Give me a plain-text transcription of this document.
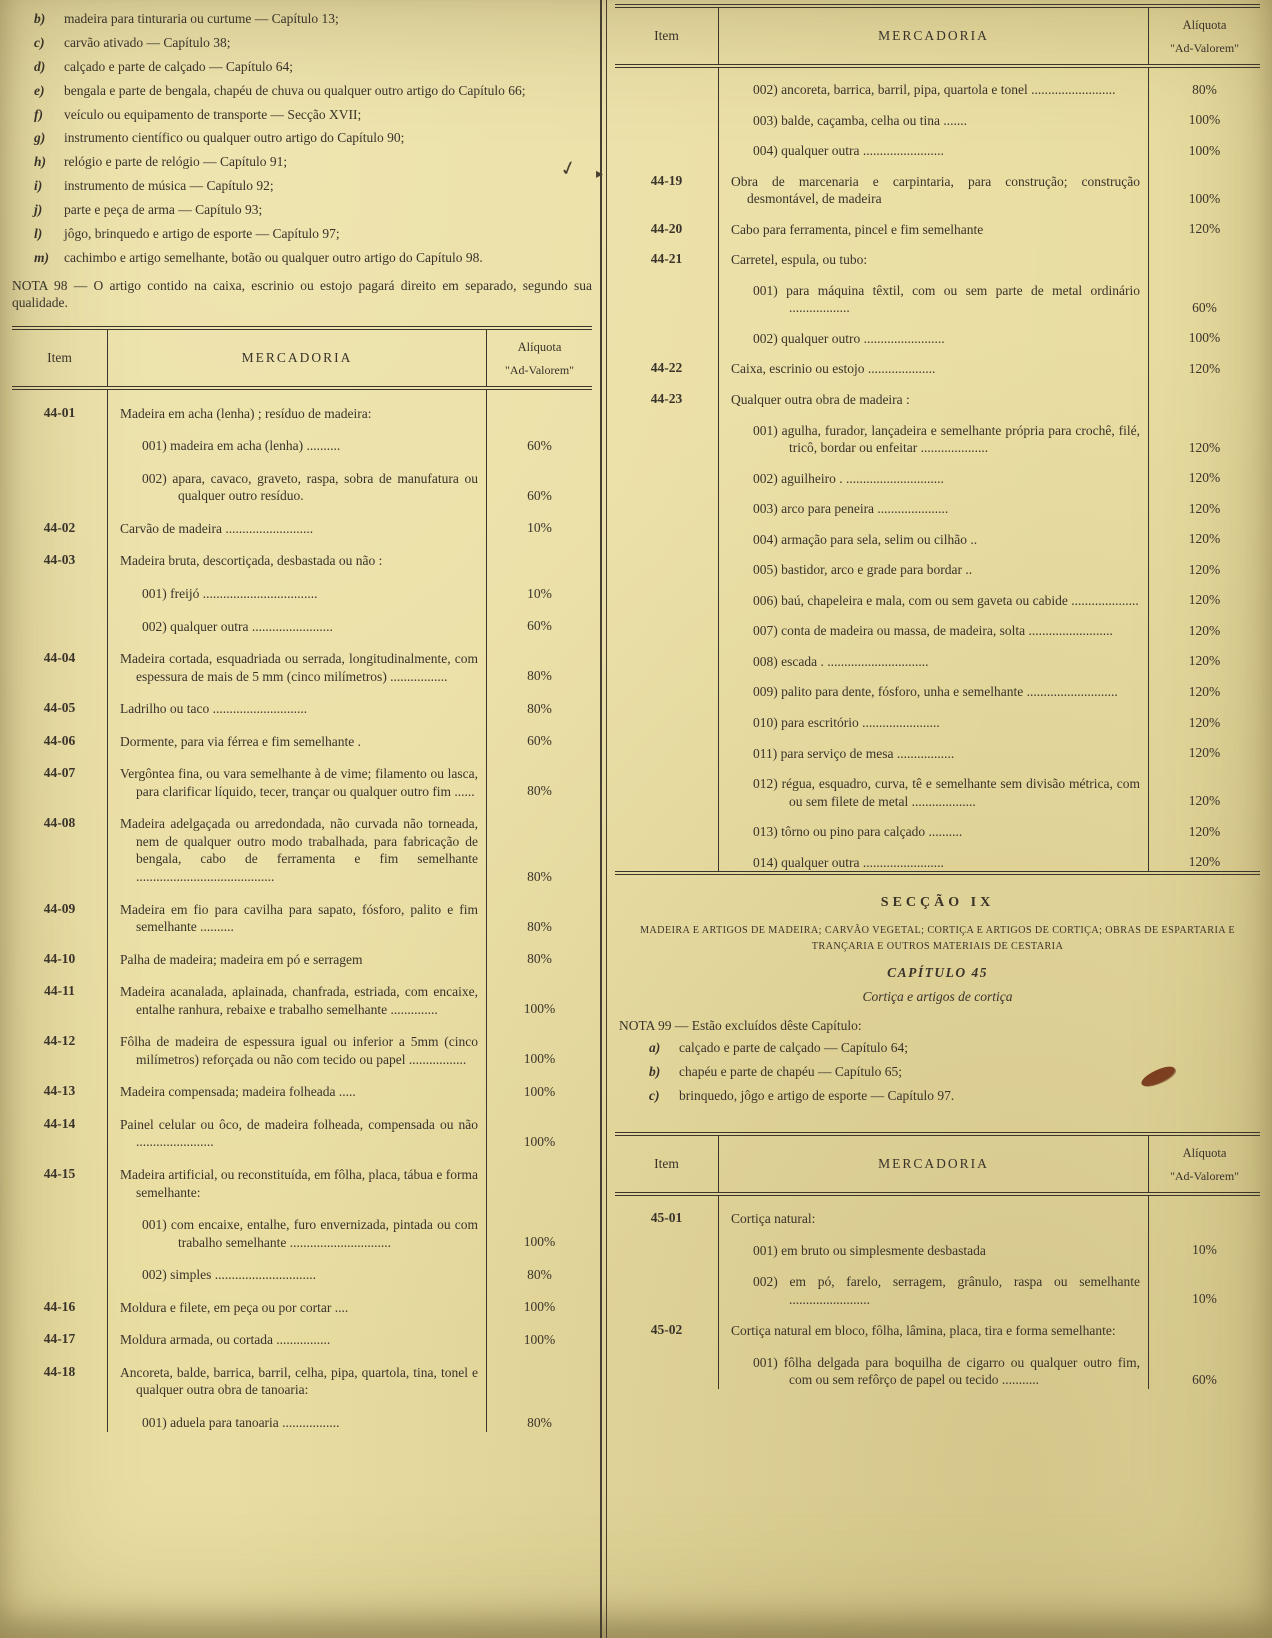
b)	madeira para tinturaria ou curtume — Capítulo 13;
c)	carvão ativado — Capítulo 38;
d)	calçado e parte de calçado — Capítulo 64;
e)	bengala e parte de bengala, chapéu de chuva ou qualquer outro artigo do Capítulo 66;
f)	veículo ou equipamento de transporte — Secção XVII;
g)	instrumento científico ou qualquer outro artigo do Capítulo 90;
h)	relógio e parte de relógio — Capítulo 91;
i)	instrumento de música — Capítulo 92;
j)	parte e peça de arma — Capítulo 93;
l)	jôgo, brinquedo e artigo de esporte — Capítulo 97;
m)	cachimbo e artigo semelhante, botão ou qualquer outro artigo do Capítulo 98.

NOTA 98 — O artigo contido na caixa, escrinio ou estojo pagará direito em separado, segundo sua qualidade.

Item	MERCADORIA
Alíquota
"Ad-Valorem"
44-01	Madeira em acha (lenha) ; resíduo de madeira:
001) madeira em acha (lenha) ..........	60%
002) apara, cavaco, graveto, raspa, sobra de manufatura ou qualquer outro resíduo.	60%
44-02	Carvão de madeira ..........................	10%
44-03	Madeira bruta, descortiçada, desbastada ou não :
001) freijó ..................................	10%
002) qualquer outra ........................	60%
44-04	Madeira cortada, esquadriada ou serrada, longitudinalmente, com espessura de mais de 5 mm (cinco milímetros) .................	80%
44-05	Ladrilho ou taco ............................	80%
44-06	Dormente, para via férrea e fim semelhante .	60%
44-07	Vergôntea fina, ou vara semelhante à de vime; filamento ou lasca, para clarificar líquido, tecer, trançar ou qualquer outro fim ......	80%
44-08	Madeira adelgaçada ou arredondada, não curvada não torneada, nem de qualquer outro modo trabalhada, para fabricação de bengala, cabo de ferramenta e fim semelhante .........................................	80%
44-09	Madeira em fio para cavilha para sapato, fósforo, palito e fim semelhante ..........	80%
44-10	Palha de madeira; madeira em pó e serragem	80%
44-11	Madeira acanalada, aplainada, chanfrada, estriada, com encaixe, entalhe ranhura, rebaixe e trabalho semelhante ..............	100%
44-12	Fôlha de madeira de espessura igual ou inferior a 5mm (cinco milímetros) reforçada ou não com tecido ou papel .................	100%
44-13	Madeira compensada; madeira folheada .....	100%
44-14	Painel celular ou ôco, de madeira folheada, compensada ou não .......................	100%
44-15	Madeira artificial, ou reconstituída, em fôlha, placa, tábua e forma semelhante:
001) com encaixe, entalhe, furo envernizada, pintada ou com trabalho semelhante ..............................	100%
002) simples ..............................	80%
44-16	Moldura e filete, em peça ou por cortar ....	100%
44-17	Moldura armada, ou cortada ................	100%
44-18	Ancoreta, balde, barrica, barril, celha, pipa, quartola, tina, tonel e qualquer outra obra de tanoaria:
001) aduela para tanoaria .................	80%
Item	MERCADORIA
Alíquota
"Ad-Valorem"
002) ancoreta, barrica, barril, pipa, quartola e tonel .........................	80%
003) balde, caçamba, celha ou tina .......	100%
004) qualquer outra ........................	100%
44-19	Obra de marcenaria e carpintaria, para construção; construção desmontável, de madeira	100%
44-20	Cabo para ferramenta, pincel e fim semelhante	120%
44-21	Carretel, espula, ou tubo:
001) para máquina têxtil, com ou sem parte de metal ordinário ..................	60%
002) qualquer outro ........................	100%
44-22	Caixa, escrinio ou estojo ....................	120%
44-23	Qualquer outra obra de madeira :
001) agulha, furador, lançadeira e semelhante própria para crochê, filé, tricô, bordar ou enfeitar ....................	120%
002) aguilheiro . .............................	120%
003) arco para peneira .....................	120%
004) armação para sela, selim ou cilhão ..	120%
005) bastidor, arco e grade para bordar ..	120%
006) baú, chapeleira e mala, com ou sem gaveta ou cabide ....................	120%
007) conta de madeira ou massa, de madeira, solta .........................	120%
008) escada . ..............................	120%
009) palito para dente, fósforo, unha e semelhante ...........................	120%
010) para escritório .......................	120%
011) para serviço de mesa .................	120%
012) régua, esquadro, curva, tê e semelhante sem divisão métrica, com ou sem filete de metal ...................	120%
013) tôrno ou pino para calçado ..........	120%
014) qualquer outra ........................	120%
SECÇÃO IX
MADEIRA E ARTIGOS DE MADEIRA; CARVÃO VEGETAL; CORTIÇA E ARTIGOS DE CORTIÇA; OBRAS DE ESPARTARIA E TRANÇARIA E OUTROS MATERIAIS DE CESTARIA
CAPÍTULO 45
Cortiça e artigos de cortiça
NOTA 99 — Estão excluídos dêste Capítulo:
a)	calçado e parte de calçado — Capítulo 64;
b)	chapéu e parte de chapéu — Capítulo 65;
c)	brinquedo, jôgo e artigo de esporte — Capítulo 97.
Item	MERCADORIA
Alíquota
"Ad-Valorem"
45-01	Cortiça natural:
001) em bruto ou simplesmente desbastada	10%
002) em pó, farelo, serragem, grânulo, raspa ou semelhante ........................	10%
45-02	Cortiça natural em bloco, fôlha, lâmina, placa, tira e forma semelhante:
001) fôlha delgada para boquilha de cigarro ou qualquer outro fim, com ou sem refôrço de papel ou tecido ...........	60%
✓ ▸
